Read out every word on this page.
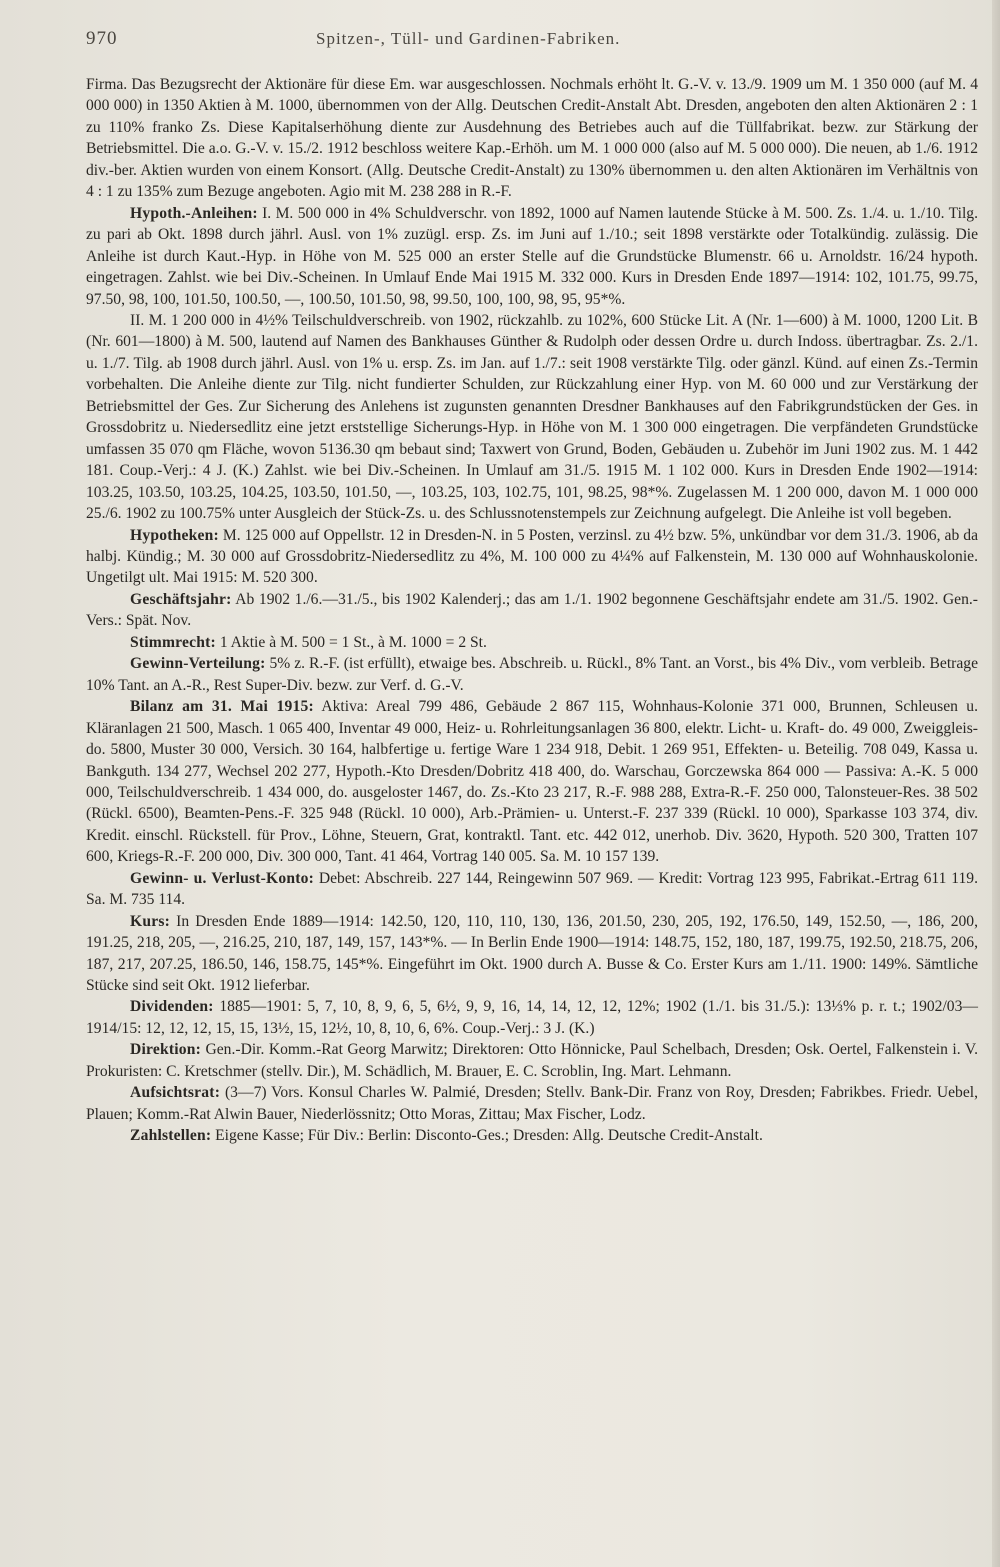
970	Spitzen-, Tüll- und Gardinen-Fabriken.

Firma. Das Bezugsrecht der Aktionäre für diese Em. war ausgeschlossen. Nochmals erhöht lt. G.-V. v. 13./9. 1909 um M. 1 350 000 (auf M. 4 000 000) in 1350 Aktien à M. 1000, übernommen von der Allg. Deutschen Credit-Anstalt Abt. Dresden, angeboten den alten Aktionären 2 : 1 zu 110% franko Zs. Diese Kapitalserhöhung diente zur Ausdehnung des Betriebes auch auf die Tüllfabrikat. bezw. zur Stärkung der Betriebsmittel. Die a.o. G.-V. v. 15./2. 1912 beschloss weitere Kap.-Erhöh. um M. 1 000 000 (also auf M. 5 000 000). Die neuen, ab 1./6. 1912 div.-ber. Aktien wurden von einem Konsort. (Allg. Deutsche Credit-Anstalt) zu 130% übernommen u. den alten Aktionären im Verhältnis von 4 : 1 zu 135% zum Bezuge angeboten. Agio mit M. 238 288 in R.-F.

Hypoth.-Anleihen: I. M. 500 000 in 4% Schuldverschr. von 1892, 1000 auf Namen lautende Stücke à M. 500. Zs. 1./4. u. 1./10. Tilg. zu pari ab Okt. 1898 durch jährl. Ausl. von 1% zuzügl. ersp. Zs. im Juni auf 1./10.; seit 1898 verstärkte oder Totalkündig. zulässig. Die Anleihe ist durch Kaut.-Hyp. in Höhe von M. 525 000 an erster Stelle auf die Grundstücke Blumenstr. 66 u. Arnoldstr. 16/24 hypoth. eingetragen. Zahlst. wie bei Div.-Scheinen. In Umlauf Ende Mai 1915 M. 332 000. Kurs in Dresden Ende 1897—1914: 102, 101.75, 99.75, 97.50, 98, 100, 101.50, 100.50, —, 100.50, 101.50, 98, 99.50, 100, 100, 98, 95, 95*%.

II. M. 1 200 000 in 4½% Teilschuldverschreib. von 1902, rückzahlb. zu 102%, 600 Stücke Lit. A (Nr. 1—600) à M. 1000, 1200 Lit. B (Nr. 601—1800) à M. 500, lautend auf Namen des Bankhauses Günther & Rudolph oder dessen Ordre u. durch Indoss. übertragbar. Zs. 2./1. u. 1./7. Tilg. ab 1908 durch jährl. Ausl. von 1% u. ersp. Zs. im Jan. auf 1./7.: seit 1908 verstärkte Tilg. oder gänzl. Künd. auf einen Zs.-Termin vorbehalten. Die Anleihe diente zur Tilg. nicht fundierter Schulden, zur Rückzahlung einer Hyp. von M. 60 000 und zur Verstärkung der Betriebsmittel der Ges. Zur Sicherung des Anlehens ist zugunsten genannten Dresdner Bankhauses auf den Fabrikgrundstücken der Ges. in Grossdobritz u. Niedersedlitz eine jetzt erststellige Sicherungs-Hyp. in Höhe von M. 1 300 000 eingetragen. Die verpfändeten Grundstücke umfassen 35 070 qm Fläche, wovon 5136.30 qm bebaut sind; Taxwert von Grund, Boden, Gebäuden u. Zubehör im Juni 1902 zus. M. 1 442 181. Coup.-Verj.: 4 J. (K.) Zahlst. wie bei Div.-Scheinen. In Umlauf am 31./5. 1915 M. 1 102 000. Kurs in Dresden Ende 1902—1914: 103.25, 103.50, 103.25, 104.25, 103.50, 101.50, —, 103.25, 103, 102.75, 101, 98.25, 98*%. Zugelassen M. 1 200 000, davon M. 1 000 000 25./6. 1902 zu 100.75% unter Ausgleich der Stück-Zs. u. des Schlussnotenstempels zur Zeichnung aufgelegt. Die Anleihe ist voll begeben.

Hypotheken: M. 125 000 auf Oppellstr. 12 in Dresden-N. in 5 Posten, verzinsl. zu 4½ bzw. 5%, unkündbar vor dem 31./3. 1906, ab da halbj. Kündig.; M. 30 000 auf Grossdobritz-Niedersedlitz zu 4%, M. 100 000 zu 4¼% auf Falkenstein, M. 130 000 auf Wohnhauskolonie. Ungetilgt ult. Mai 1915: M. 520 300.

Geschäftsjahr: Ab 1902 1./6.—31./5., bis 1902 Kalenderj.; das am 1./1. 1902 begonnene Geschäftsjahr endete am 31./5. 1902. Gen.-Vers.: Spät. Nov.

Stimmrecht: 1 Aktie à M. 500 = 1 St., à M. 1000 = 2 St.

Gewinn-Verteilung: 5% z. R.-F. (ist erfüllt), etwaige bes. Abschreib. u. Rückl., 8% Tant. an Vorst., bis 4% Div., vom verbleib. Betrage 10% Tant. an A.-R., Rest Super-Div. bezw. zur Verf. d. G.-V.

Bilanz am 31. Mai 1915: Aktiva: Areal 799 486, Gebäude 2 867 115, Wohnhaus-Kolonie 371 000, Brunnen, Schleusen u. Kläranlagen 21 500, Masch. 1 065 400, Inventar 49 000, Heiz- u. Rohrleitungsanlagen 36 800, elektr. Licht- u. Kraft- do. 49 000, Zweiggleis- do. 5800, Muster 30 000, Versich. 30 164, halbfertige u. fertige Ware 1 234 918, Debit. 1 269 951, Effekten- u. Beteilig. 708 049, Kassa u. Bankguth. 134 277, Wechsel 202 277, Hypoth.-Kto Dresden/Dobritz 418 400, do. Warschau, Gorczewska 864 000 — Passiva: A.-K. 5 000 000, Teilschuldverschreib. 1 434 000, do. ausgeloster 1467, do. Zs.-Kto 23 217, R.-F. 988 288, Extra-R.-F. 250 000, Talonsteuer-Res. 38 502 (Rückl. 6500), Beamten-Pens.-F. 325 948 (Rückl. 10 000), Arb.-Prämien- u. Unterst.-F. 237 339 (Rückl. 10 000), Sparkasse 103 374, div. Kredit. einschl. Rückstell. für Prov., Löhne, Steuern, Grat, kontraktl. Tant. etc. 442 012, unerhob. Div. 3620, Hypoth. 520 300, Tratten 107 600, Kriegs-R.-F. 200 000, Div. 300 000, Tant. 41 464, Vortrag 140 005. Sa. M. 10 157 139.

Gewinn- u. Verlust-Konto: Debet: Abschreib. 227 144, Reingewinn 507 969. — Kredit: Vortrag 123 995, Fabrikat.-Ertrag 611 119. Sa. M. 735 114.

Kurs: In Dresden Ende 1889—1914: 142.50, 120, 110, 110, 130, 136, 201.50, 230, 205, 192, 176.50, 149, 152.50, —, 186, 200, 191.25, 218, 205, —, 216.25, 210, 187, 149, 157, 143*%. — In Berlin Ende 1900—1914: 148.75, 152, 180, 187, 199.75, 192.50, 218.75, 206, 187, 217, 207.25, 186.50, 146, 158.75, 145*%. Eingeführt im Okt. 1900 durch A. Busse & Co. Erster Kurs am 1./11. 1900: 149%. Sämtliche Stücke sind seit Okt. 1912 lieferbar.

Dividenden: 1885—1901: 5, 7, 10, 8, 9, 6, 5, 6½, 9, 9, 16, 14, 14, 12, 12, 12%; 1902 (1./1. bis 31./5.): 13⅓% p. r. t.; 1902/03—1914/15: 12, 12, 12, 15, 15, 13½, 15, 12½, 10, 8, 10, 6, 6%. Coup.-Verj.: 3 J. (K.)

Direktion: Gen.-Dir. Komm.-Rat Georg Marwitz; Direktoren: Otto Hönnicke, Paul Schelbach, Dresden; Osk. Oertel, Falkenstein i. V. Prokuristen: C. Kretschmer (stellv. Dir.), M. Schädlich, M. Brauer, E. C. Scroblin, Ing. Mart. Lehmann.

Aufsichtsrat: (3—7) Vors. Konsul Charles W. Palmié, Dresden; Stellv. Bank-Dir. Franz von Roy, Dresden; Fabrikbes. Friedr. Uebel, Plauen; Komm.-Rat Alwin Bauer, Niederlössnitz; Otto Moras, Zittau; Max Fischer, Lodz.

Zahlstellen: Eigene Kasse; Für Div.: Berlin: Disconto-Ges.; Dresden: Allg. Deutsche Credit-Anstalt.
